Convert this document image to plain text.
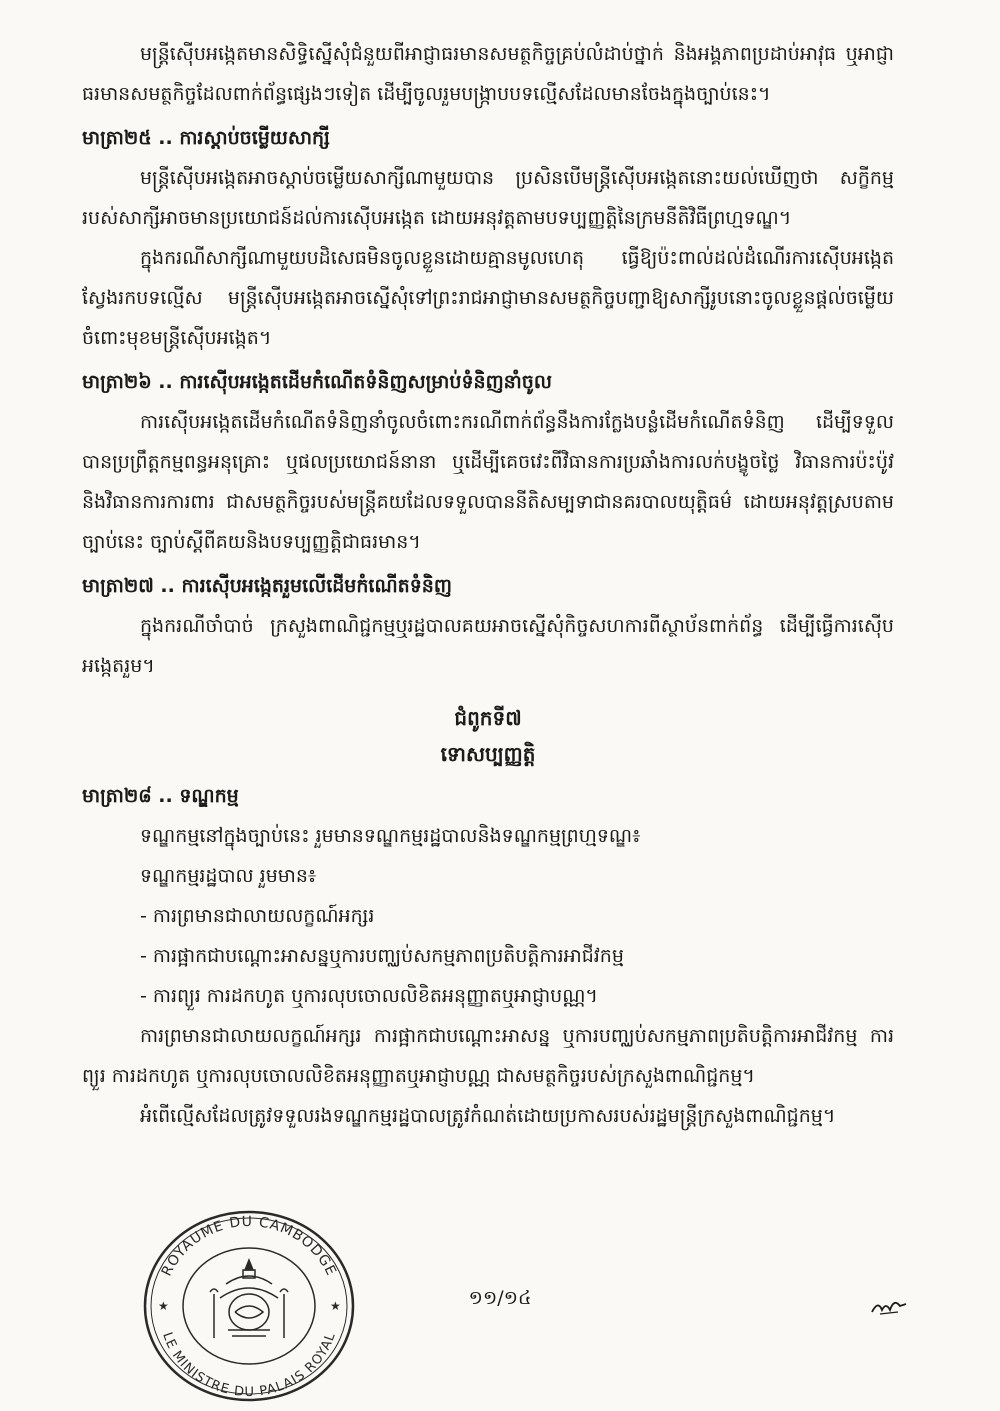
មន្ត្រីស៊ើបអង្កេតមានសិទ្ធិស្នើសុំជំនួយពីអាជ្ញាធរមានសមត្ថកិច្ចគ្រប់លំដាប់ថ្នាក់ និងអង្គភាពប្រដាប់អាវុធ ឬអាជ្ញាធរមានសមត្ថកិច្ចដែលពាក់ព័ន្ធផ្សេងៗទៀត ដើម្បីចូលរួមបង្ក្រាបបទល្មើសដែលមានចែងក្នុងច្បាប់នេះ។

មាត្រា២៥ .. ការស្តាប់ចម្លើយសាក្សី

មន្ត្រីស៊ើបអង្កេតអាចស្តាប់ចម្លើយសាក្សីណាមួយបាន ប្រសិនបើមន្ត្រីស៊ើបអង្កេតនោះយល់ឃើញថា សក្ខីកម្មរបស់សាក្សីអាចមានប្រយោជន៍ដល់ការស៊ើបអង្កេត ដោយអនុវត្តតាមបទប្បញ្ញត្តិនៃក្រមនីតិវិធីព្រហ្មទណ្ឌ។

ក្នុងករណីសាក្សីណាមួយបដិសេធមិនចូលខ្លួនដោយគ្មានមូលហេតុ ធ្វើឱ្យប៉ះពាល់ដល់ដំណើរការស៊ើបអង្កេត ស្វែងរកបទល្មើស មន្ត្រីស៊ើបអង្កេតអាចស្នើសុំទៅព្រះរាជអាជ្ញាមានសមត្ថកិច្ចបញ្ជាឱ្យសាក្សីរូបនោះចូលខ្លួនផ្តល់ចម្លើយចំពោះមុខមន្ត្រីស៊ើបអង្កេត។

មាត្រា២៦ .. ការស៊ើបអង្កេតដើមកំណើតទំនិញសម្រាប់ទំនិញនាំចូល

ការស៊ើបអង្កេតដើមកំណើតទំនិញនាំចូលចំពោះករណីពាក់ព័ន្ធនឹងការក្លែងបន្លំដើមកំណើតទំនិញ ដើម្បីទទួលបានប្រព្រឹត្តកម្មពន្ធអនុគ្រោះ ឬផលប្រយោជន៍នានា ឬដើម្បីគេចវេះពីវិធានការប្រឆាំងការលក់បង្ខូចថ្លៃ វិធានការប៉ះប៉ូវ និងវិធានការការពារ ជាសមត្ថកិច្ចរបស់មន្ត្រីគយដែលទទួលបាននីតិសម្បទាជានគរបាលយុត្តិធម៌ ដោយអនុវត្តស្របតាមច្បាប់នេះ ច្បាប់ស្តីពីគយនិងបទប្បញ្ញត្តិជាធរមាន។

មាត្រា២៧ .. ការស៊ើបអង្កេតរួមលើដើមកំណើតទំនិញ

ក្នុងករណីចាំបាច់ ក្រសួងពាណិជ្ជកម្មឬរដ្ឋបាលគយអាចស្នើសុំកិច្ចសហការពីស្ថាប័នពាក់ព័ន្ធ ដើម្បីធ្វើការស៊ើបអង្កេតរួម។

ជំពូកទី៧

ទោសប្បញ្ញត្តិ

មាត្រា២៨ .. ទណ្ឌកម្ម

ទណ្ឌកម្មនៅក្នុងច្បាប់នេះ រួមមានទណ្ឌកម្មរដ្ឋបាលនិងទណ្ឌកម្មព្រហ្មទណ្ឌ៖

ទណ្ឌកម្មរដ្ឋបាល រួមមាន៖

- ការព្រមានជាលាយលក្ខណ៍អក្សរ

- ការផ្អាកជាបណ្តោះអាសន្នឬការបញ្ឈប់សកម្មភាពប្រតិបត្តិការអាជីវកម្ម

- ការព្យួរ ការដកហូត ឬការលុបចោលលិខិតអនុញ្ញាតឬអាជ្ញាបណ្ណ។

ការព្រមានជាលាយលក្ខណ៍អក្សរ ការផ្អាកជាបណ្តោះអាសន្ន ឬការបញ្ឈប់សកម្មភាពប្រតិបត្តិការអាជីវកម្ម ការព្យួរ ការដកហូត ឬការលុបចោលលិខិតអនុញ្ញាតឬអាជ្ញាបណ្ណ ជាសមត្ថកិច្ចរបស់ក្រសួងពាណិជ្ជកម្ម។

អំពើល្មើសដែលត្រូវទទួលរងទណ្ឌកម្មរដ្ឋបាលត្រូវកំណត់ដោយប្រកាសរបស់រដ្ឋមន្ត្រីក្រសួងពាណិជ្ជកម្ម។

ROYAUME DU CAMBODGE
LE MINISTRE DU PALAIS ROYAL
★	★	១១/១៤
